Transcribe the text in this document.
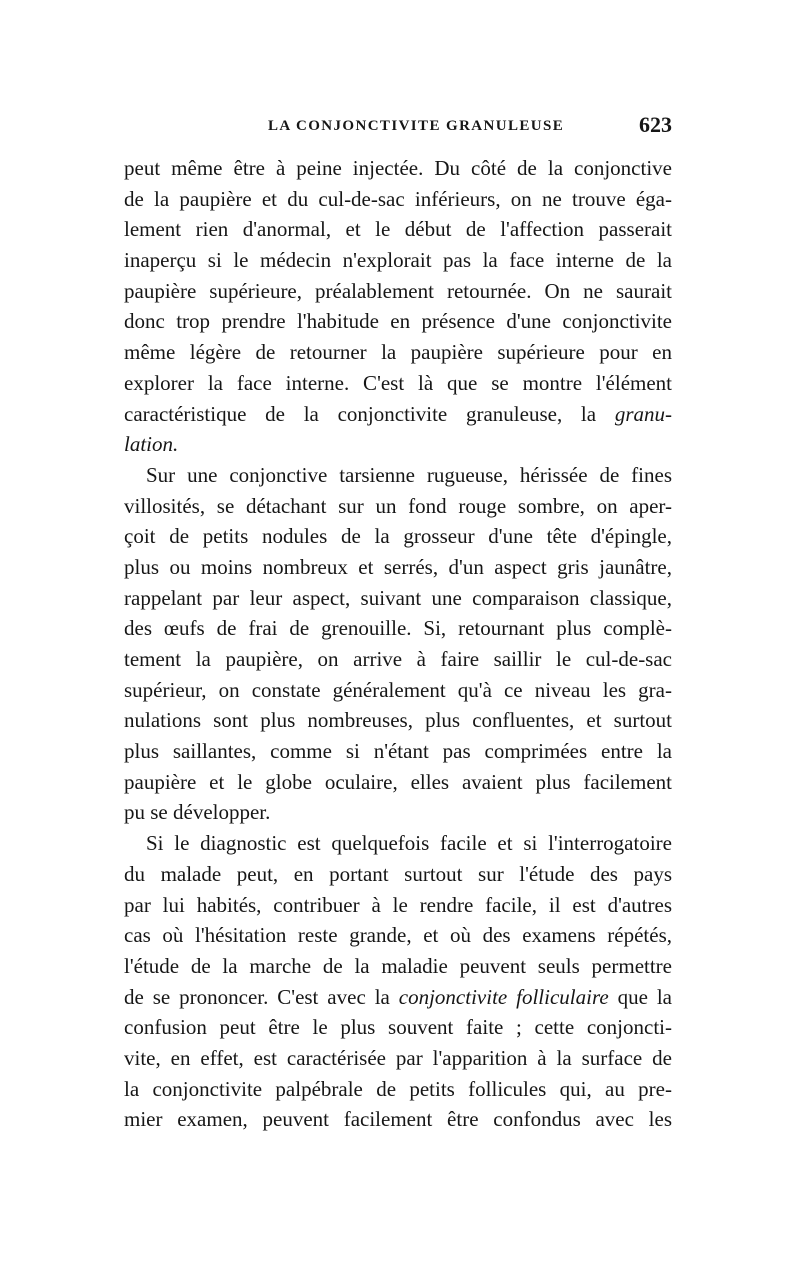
LA CONJONCTIVITE GRANULEUSE	623
peut même être à peine injectée. Du côté de la conjonctive
de la paupière et du cul-de-sac inférieurs, on ne trouve éga-
lement rien d'anormal, et le début de l'affection passerait
inaperçu si le médecin n'explorait pas la face interne de la
paupière supérieure, préalablement retournée. On ne saurait
donc trop prendre l'habitude en présence d'une conjonctivite
même légère de retourner la paupière supérieure pour en
explorer la face interne. C'est là que se montre l'élément
caractéristique de la conjonctivite granuleuse, la granu-
lation.
Sur une conjonctive tarsienne rugueuse, hérissée de fines
villosités, se détachant sur un fond rouge sombre, on aper-
çoit de petits nodules de la grosseur d'une tête d'épingle,
plus ou moins nombreux et serrés, d'un aspect gris jaunâtre,
rappelant par leur aspect, suivant une comparaison classique,
des œufs de frai de grenouille. Si, retournant plus complè-
tement la paupière, on arrive à faire saillir le cul-de-sac
supérieur, on constate généralement qu'à ce niveau les gra-
nulations sont plus nombreuses, plus confluentes, et surtout
plus saillantes, comme si n'étant pas comprimées entre la
paupière et le globe oculaire, elles avaient plus facilement
pu se développer.
Si le diagnostic est quelquefois facile et si l'interrogatoire
du malade peut, en portant surtout sur l'étude des pays
par lui habités, contribuer à le rendre facile, il est d'autres
cas où l'hésitation reste grande, et où des examens répétés,
l'étude de la marche de la maladie peuvent seuls permettre
de se prononcer. C'est avec la conjonctivite folliculaire que la
confusion peut être le plus souvent faite ; cette conjoncti-
vite, en effet, est caractérisée par l'apparition à la surface de
la conjonctivite palpébrale de petits follicules qui, au pre-
mier examen, peuvent facilement être confondus avec les
